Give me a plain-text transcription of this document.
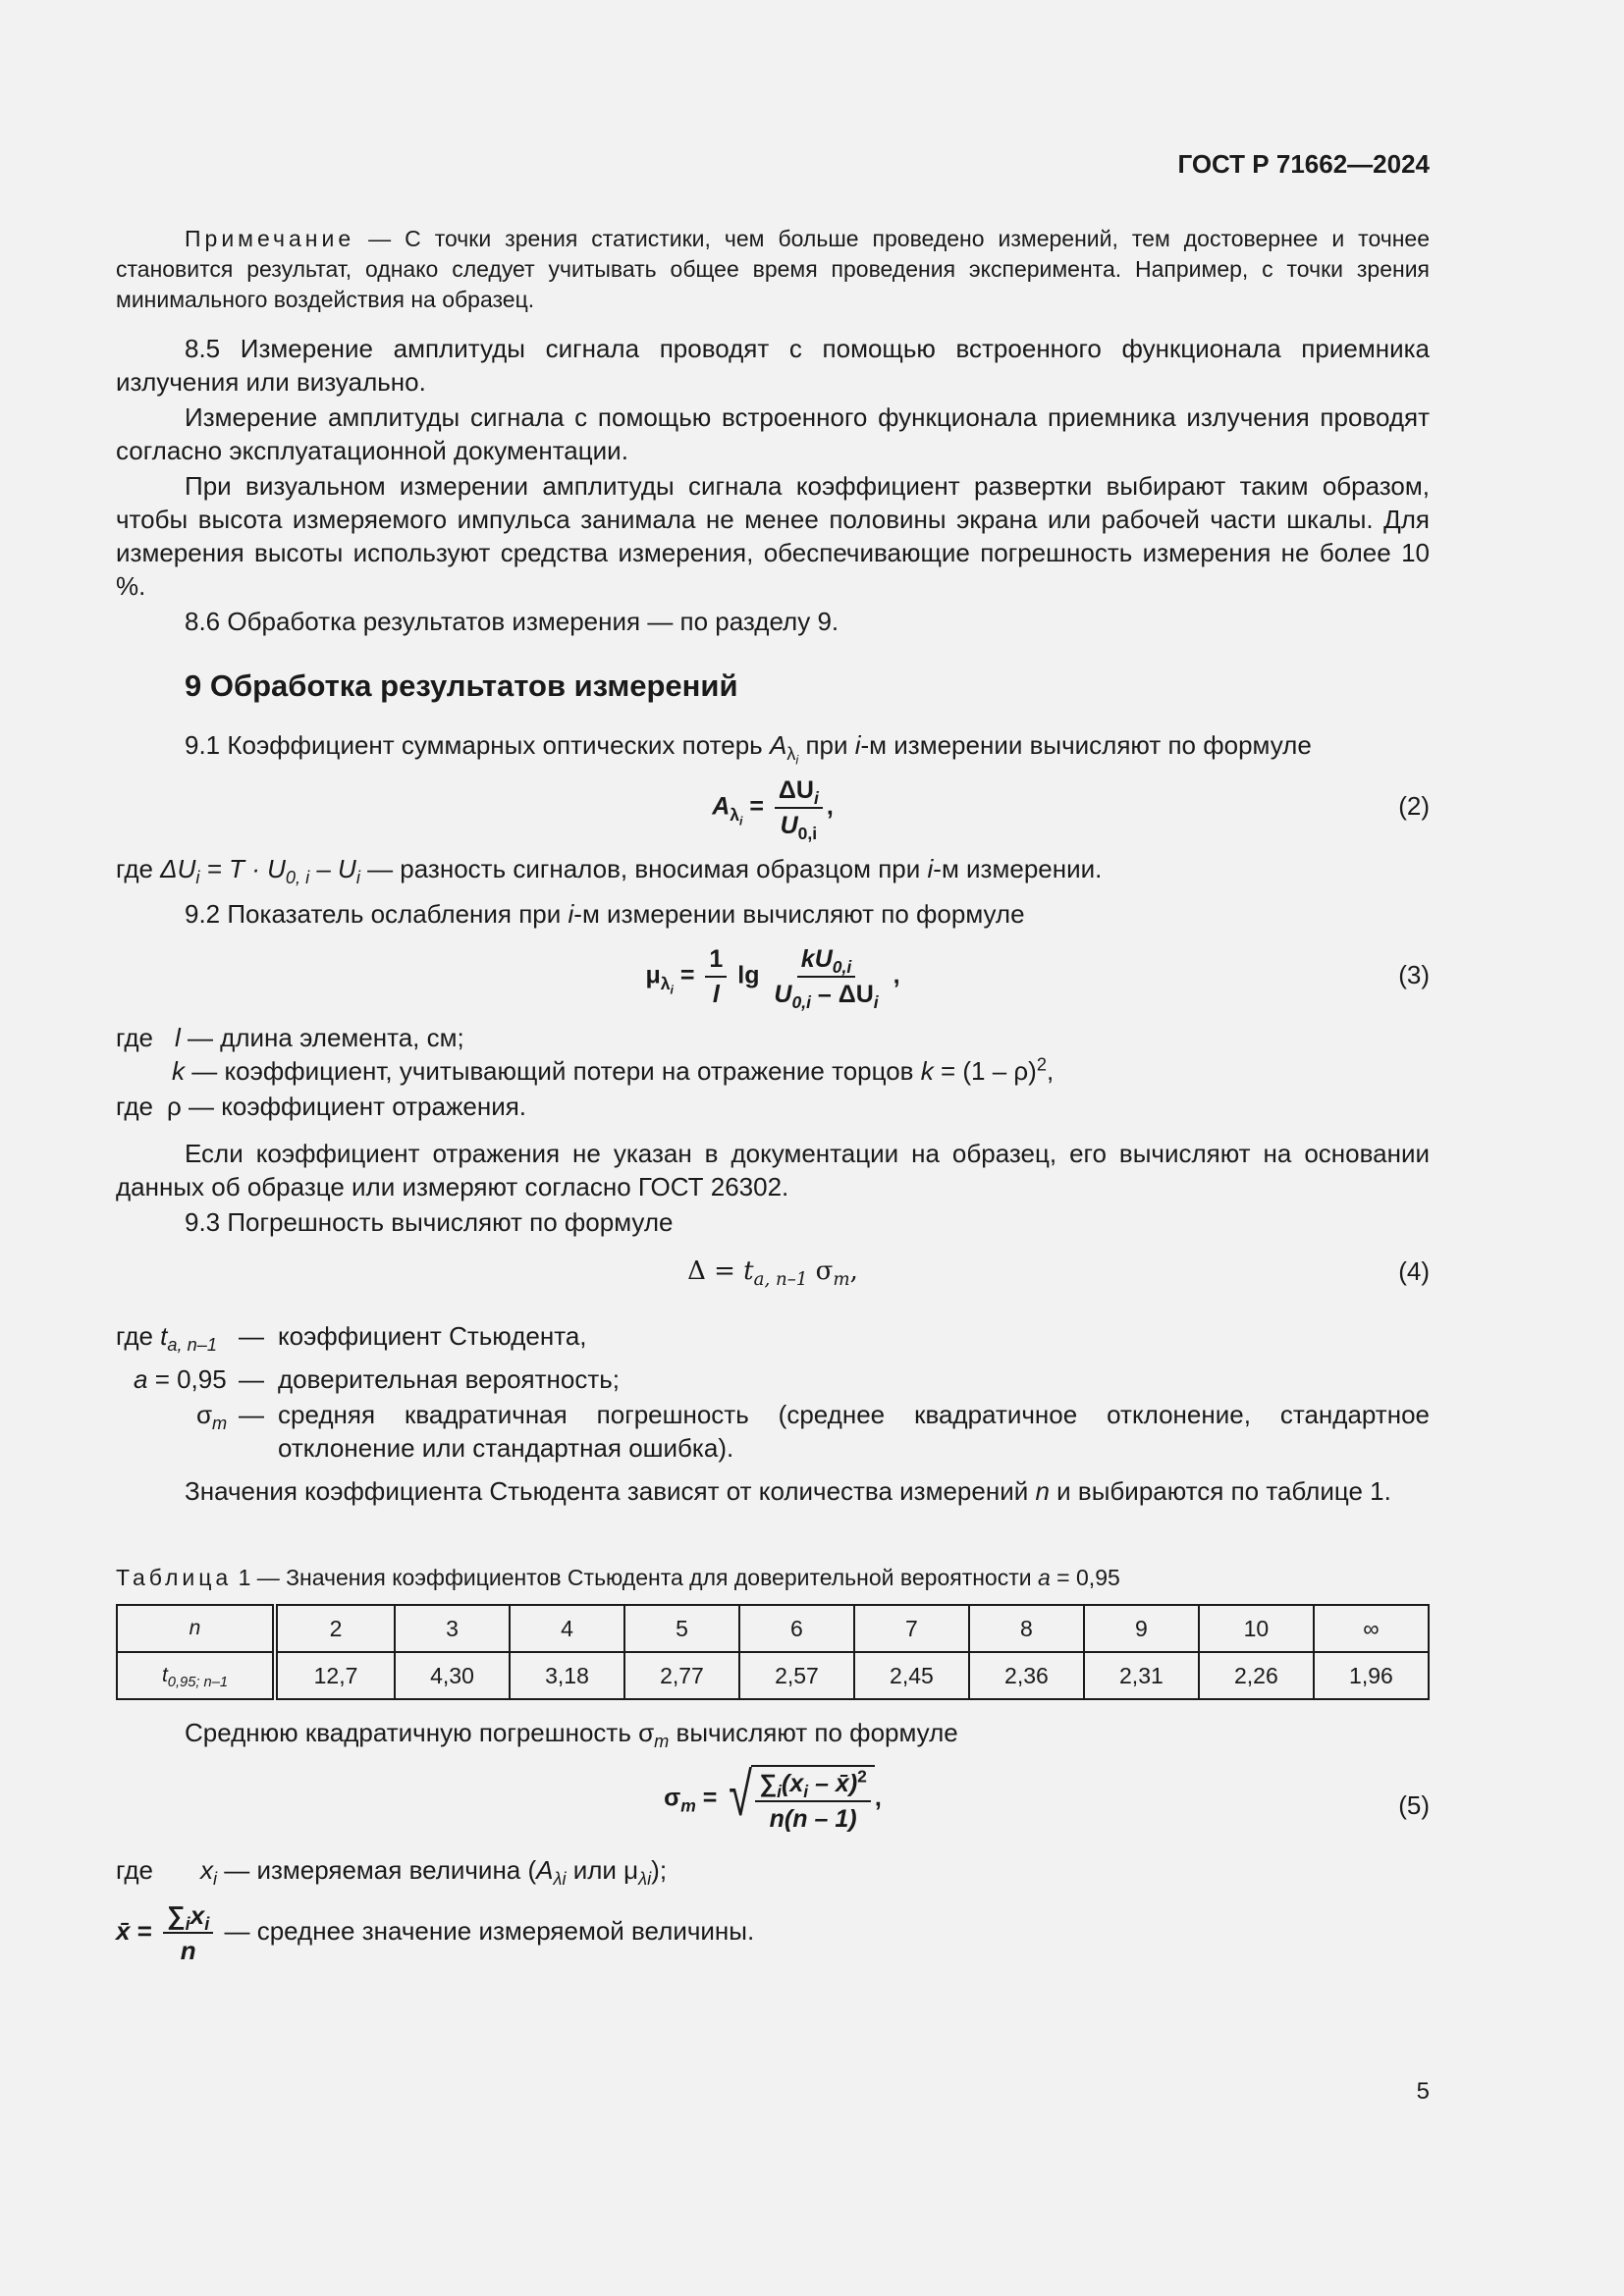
ГОСТ Р 71662—2024

Примечание — С точки зрения статистики, чем больше проведено измерений, тем достовернее и точнее становится результат, однако следует учитывать общее время проведения эксперимента. Например, с точки зрения минимального воздействия на образец.

8.5 Измерение амплитуды сигнала проводят с помощью встроенного функционала приемника излучения или визуально.

Измерение амплитуды сигнала с помощью встроенного функционала приемника излучения проводят согласно эксплуатационной документации.

При визуальном измерении амплитуды сигнала коэффициент развертки выбирают таким образом, чтобы высота измеряемого импульса занимала не менее половины экрана или рабочей части шкалы. Для измерения высоты используют средства измерения, обеспечивающие погрешность измерения не более 10 %.

8.6 Обработка результатов измерения — по разделу 9.

9 Обработка результатов измерений

9.1 Коэффициент суммарных оптических потерь $A_{\lambda_i}$ при i-м измерении вычисляют по формуле

$A_{\lambda_i} = \frac{\Delta U_i}{U_{0,i}}$ ,	(2)

где $\Delta U_i = T \cdot U_{0, i} - U_i$ — разность сигналов, вносимая образцом при i-м измерении.

9.2 Показатель ослабления при i-м измерении вычисляют по формуле

$\mu_{\lambda_i} = \frac{1}{l}$ $\lg \frac{kU_{0,i}}{U_{0,i} - \Delta U_i}$ ,	(3)
где l — длина элемента, см;
k — коэффициент, учитывающий потери на отражение торцов k = (1 – ρ)$^2$,
где ρ — коэффициент отражения.

Если коэффициент отражения не указан в документации на образец, его вычисляют на основании данных об образце или измеряют согласно ГОСТ 26302.

9.3 Погрешность вычисляют по формуле

$\Delta = t_{a, n-1}$ $\sigma_m$,	(4)
где $t_{a, n-1}$ — коэффициент Стьюдента,
a = 0,95 — доверительная вероятность;
$\sigma_m$ — средняя квадратичная погрешность (среднее квадратичное отклонение, стандартное отклонение или стандартная ошибка).

Значения коэффициента Стьюдента зависят от количества измерений n и выбираются по таблице 1.

Таблица 1 — Значения коэффициентов Стьюдента для доверительной вероятности a = 0,95
n	2	3	4	5	6	7	8	9	10	∞
$t_{0,95; n-1}$	12,7	4,30	3,18	2,77	2,57	2,45	2,36	2,31	2,26	1,96

Среднюю квадратичную погрешность $\sigma_m$ вычисляют по формуле

$\sigma_m$ = √ $\frac{\sum_i(x_i - x̄)^2}{n(n - 1)}$ ,	(5)
где $x_i$ — измеряемая величина ($A_{\lambda i}$ или $\mu_{\lambda i}$);
x̄ = $\frac{\sum_ix_i}{n}$ — среднее значение измеряемой величины.
5
